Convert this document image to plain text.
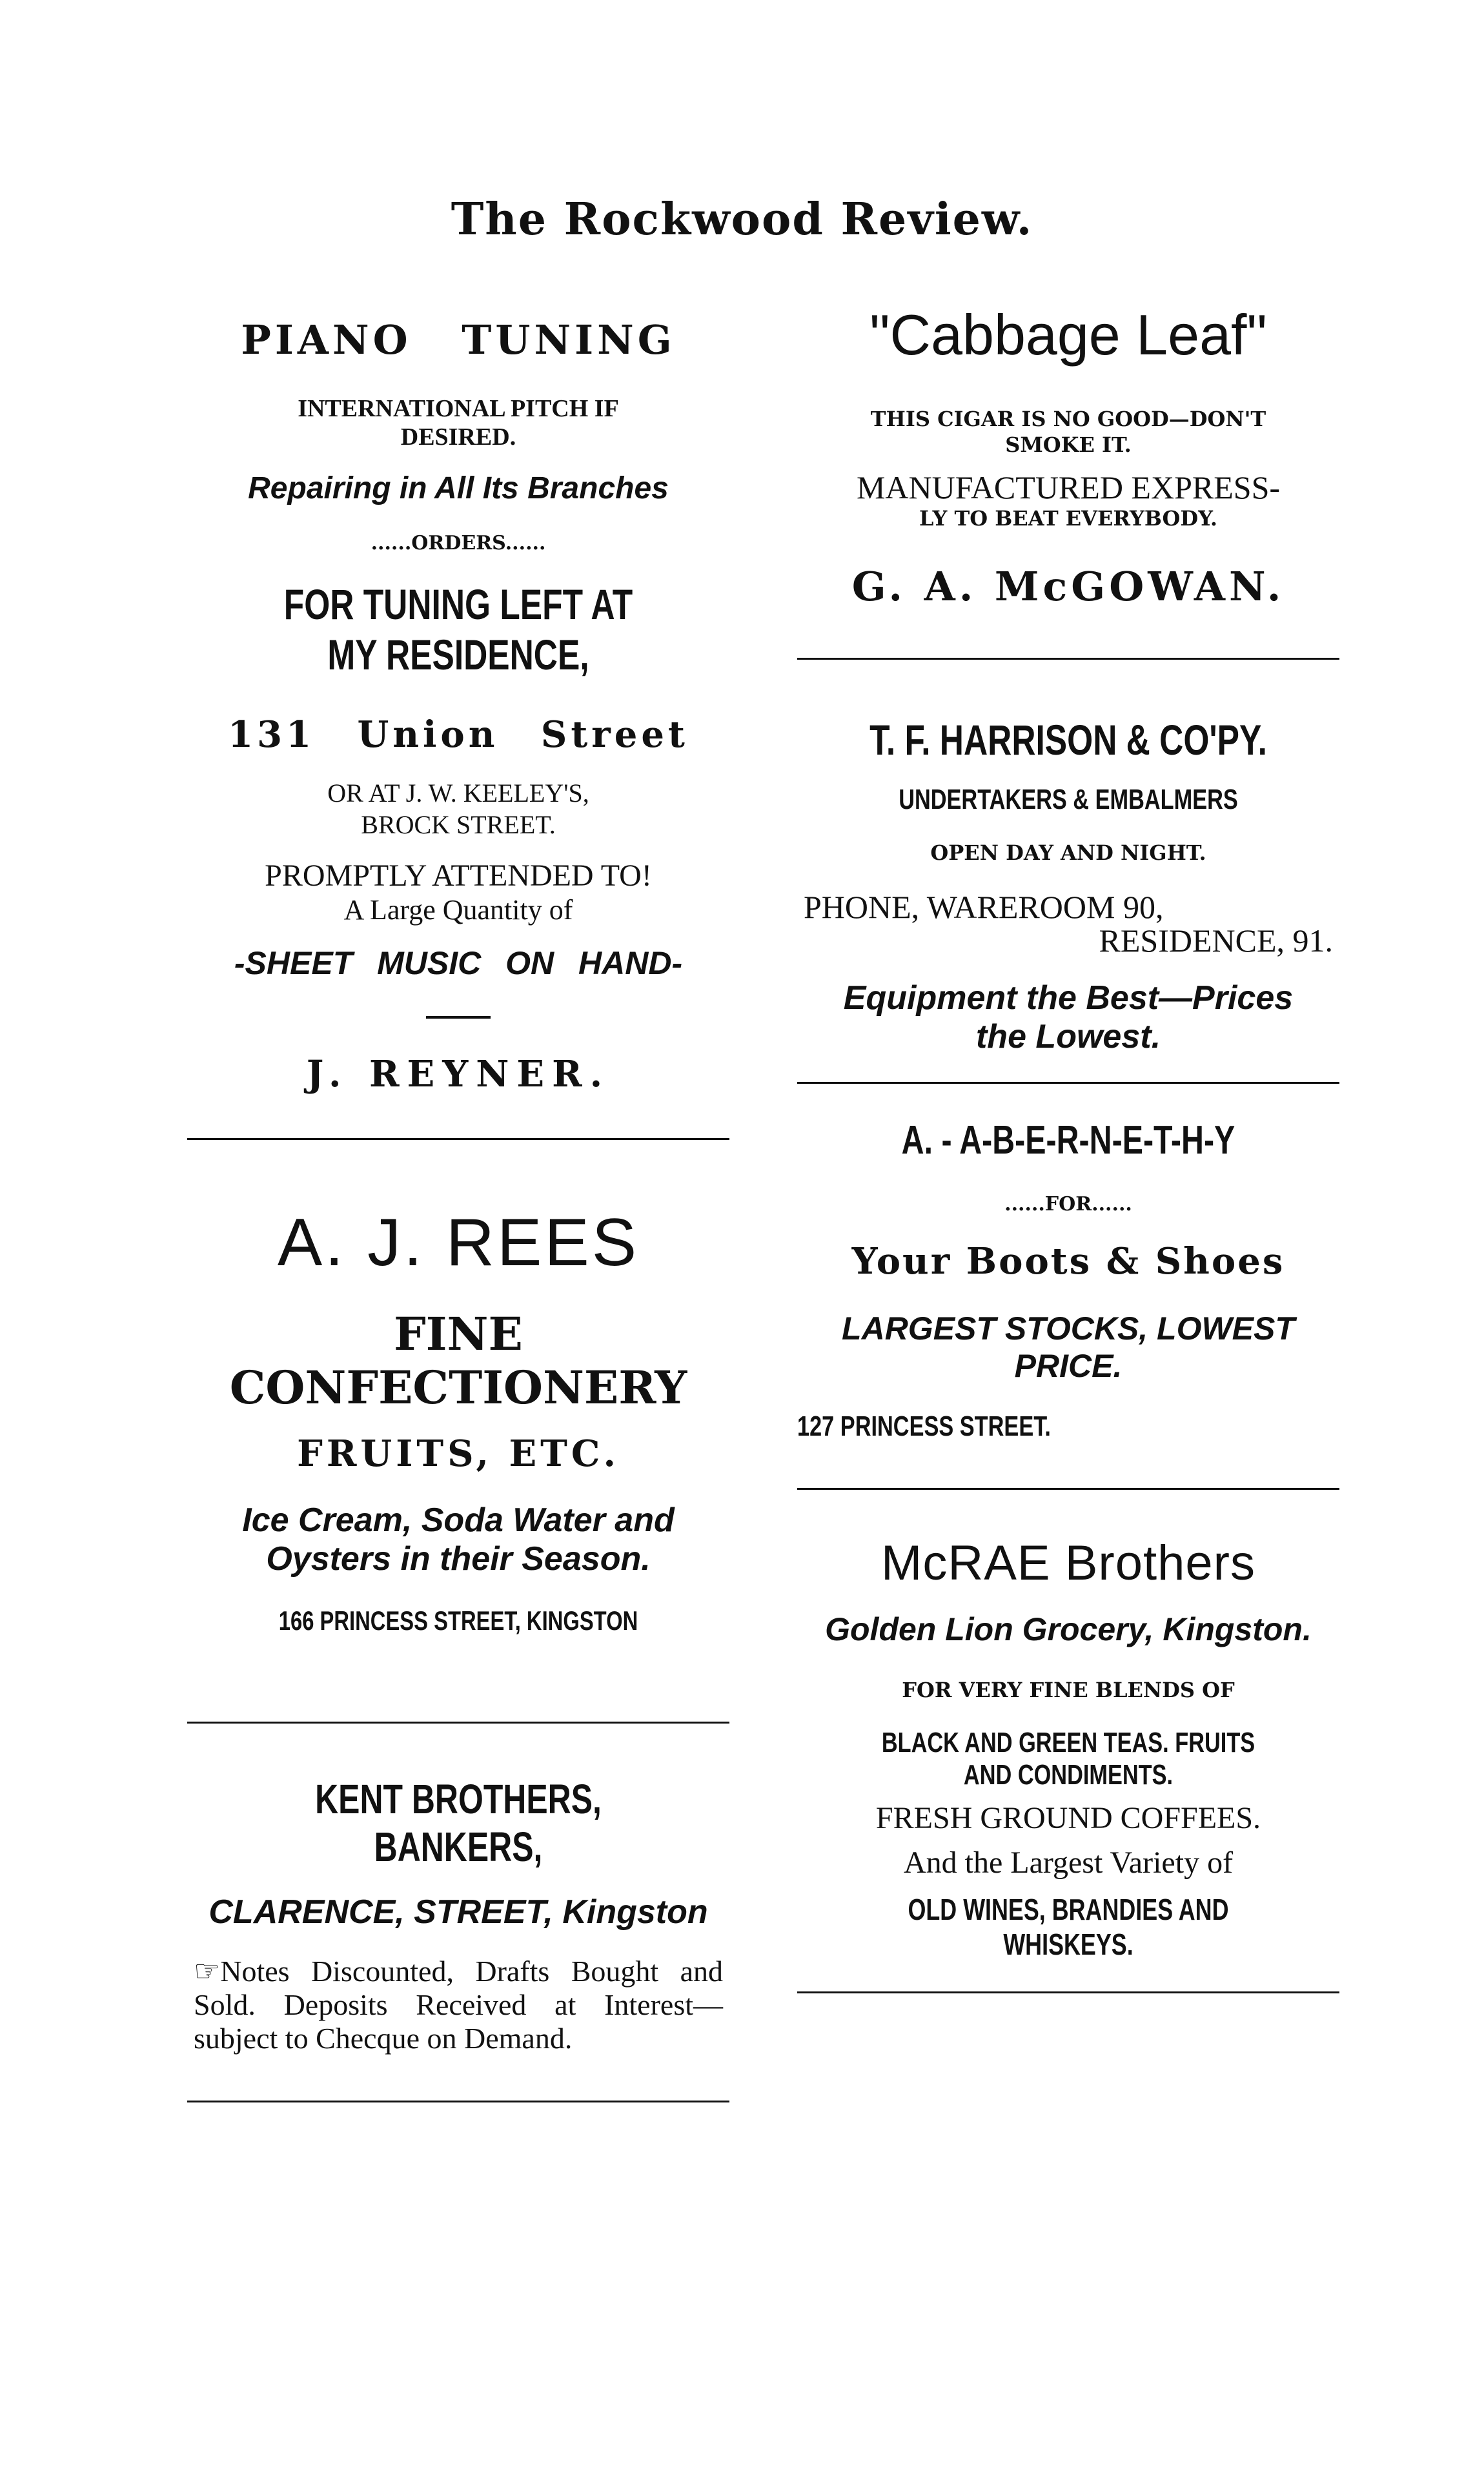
The Rockwood Review.
PIANO TUNING
INTERNATIONAL PITCH IF DESIRED.
Repairing in All Its Branches
......ORDERS......
FOR TUNING LEFT AT MY RESIDENCE,
131 Union Street
OR AT J. W. KEELEY'S,
BROCK STREET.
PROMPTLY ATTENDED TO!
A Large Quantity of
-SHEET MUSIC ON HAND-
J. REYNER.
A. J. REES
FINE CONFECTIONERY
FRUITS, ETC.
Ice Cream, Soda Water and
Oysters in their Season.
166 PRINCESS STREET, KINGSTON
KENT BROTHERS, BANKERS,
CLARENCE, STREET, Kingston
☞Notes Discounted, Drafts Bought and Sold. Deposits Received at Interest—subject to Checque on Demand.
"Cabbage Leaf"
THIS CIGAR IS NO GOOD—DON'T
SMOKE IT.
MANUFACTURED EXPRESS-
LY TO BEAT EVERYBODY.
G. A. McGOWAN.
T. F. HARRISON & CO'PY.
UNDERTAKERS & EMBALMERS
OPEN DAY AND NIGHT.
PHONE, WAREROOM 90,
RESIDENCE, 91.
Equipment the Best—Prices
the Lowest.
A. - A-B-E-R-N-E-T-H-Y
......FOR......
Your Boots & Shoes
LARGEST STOCKS, LOWEST
PRICE.
127 PRINCESS STREET.
McRAE Brothers
Golden Lion Grocery, Kingston.
FOR VERY FINE BLENDS OF
BLACK AND GREEN TEAS. FRUITS
AND CONDIMENTS.
FRESH GROUND COFFEES.
And the Largest Variety of
OLD WINES, BRANDIES AND
WHISKEYS.
